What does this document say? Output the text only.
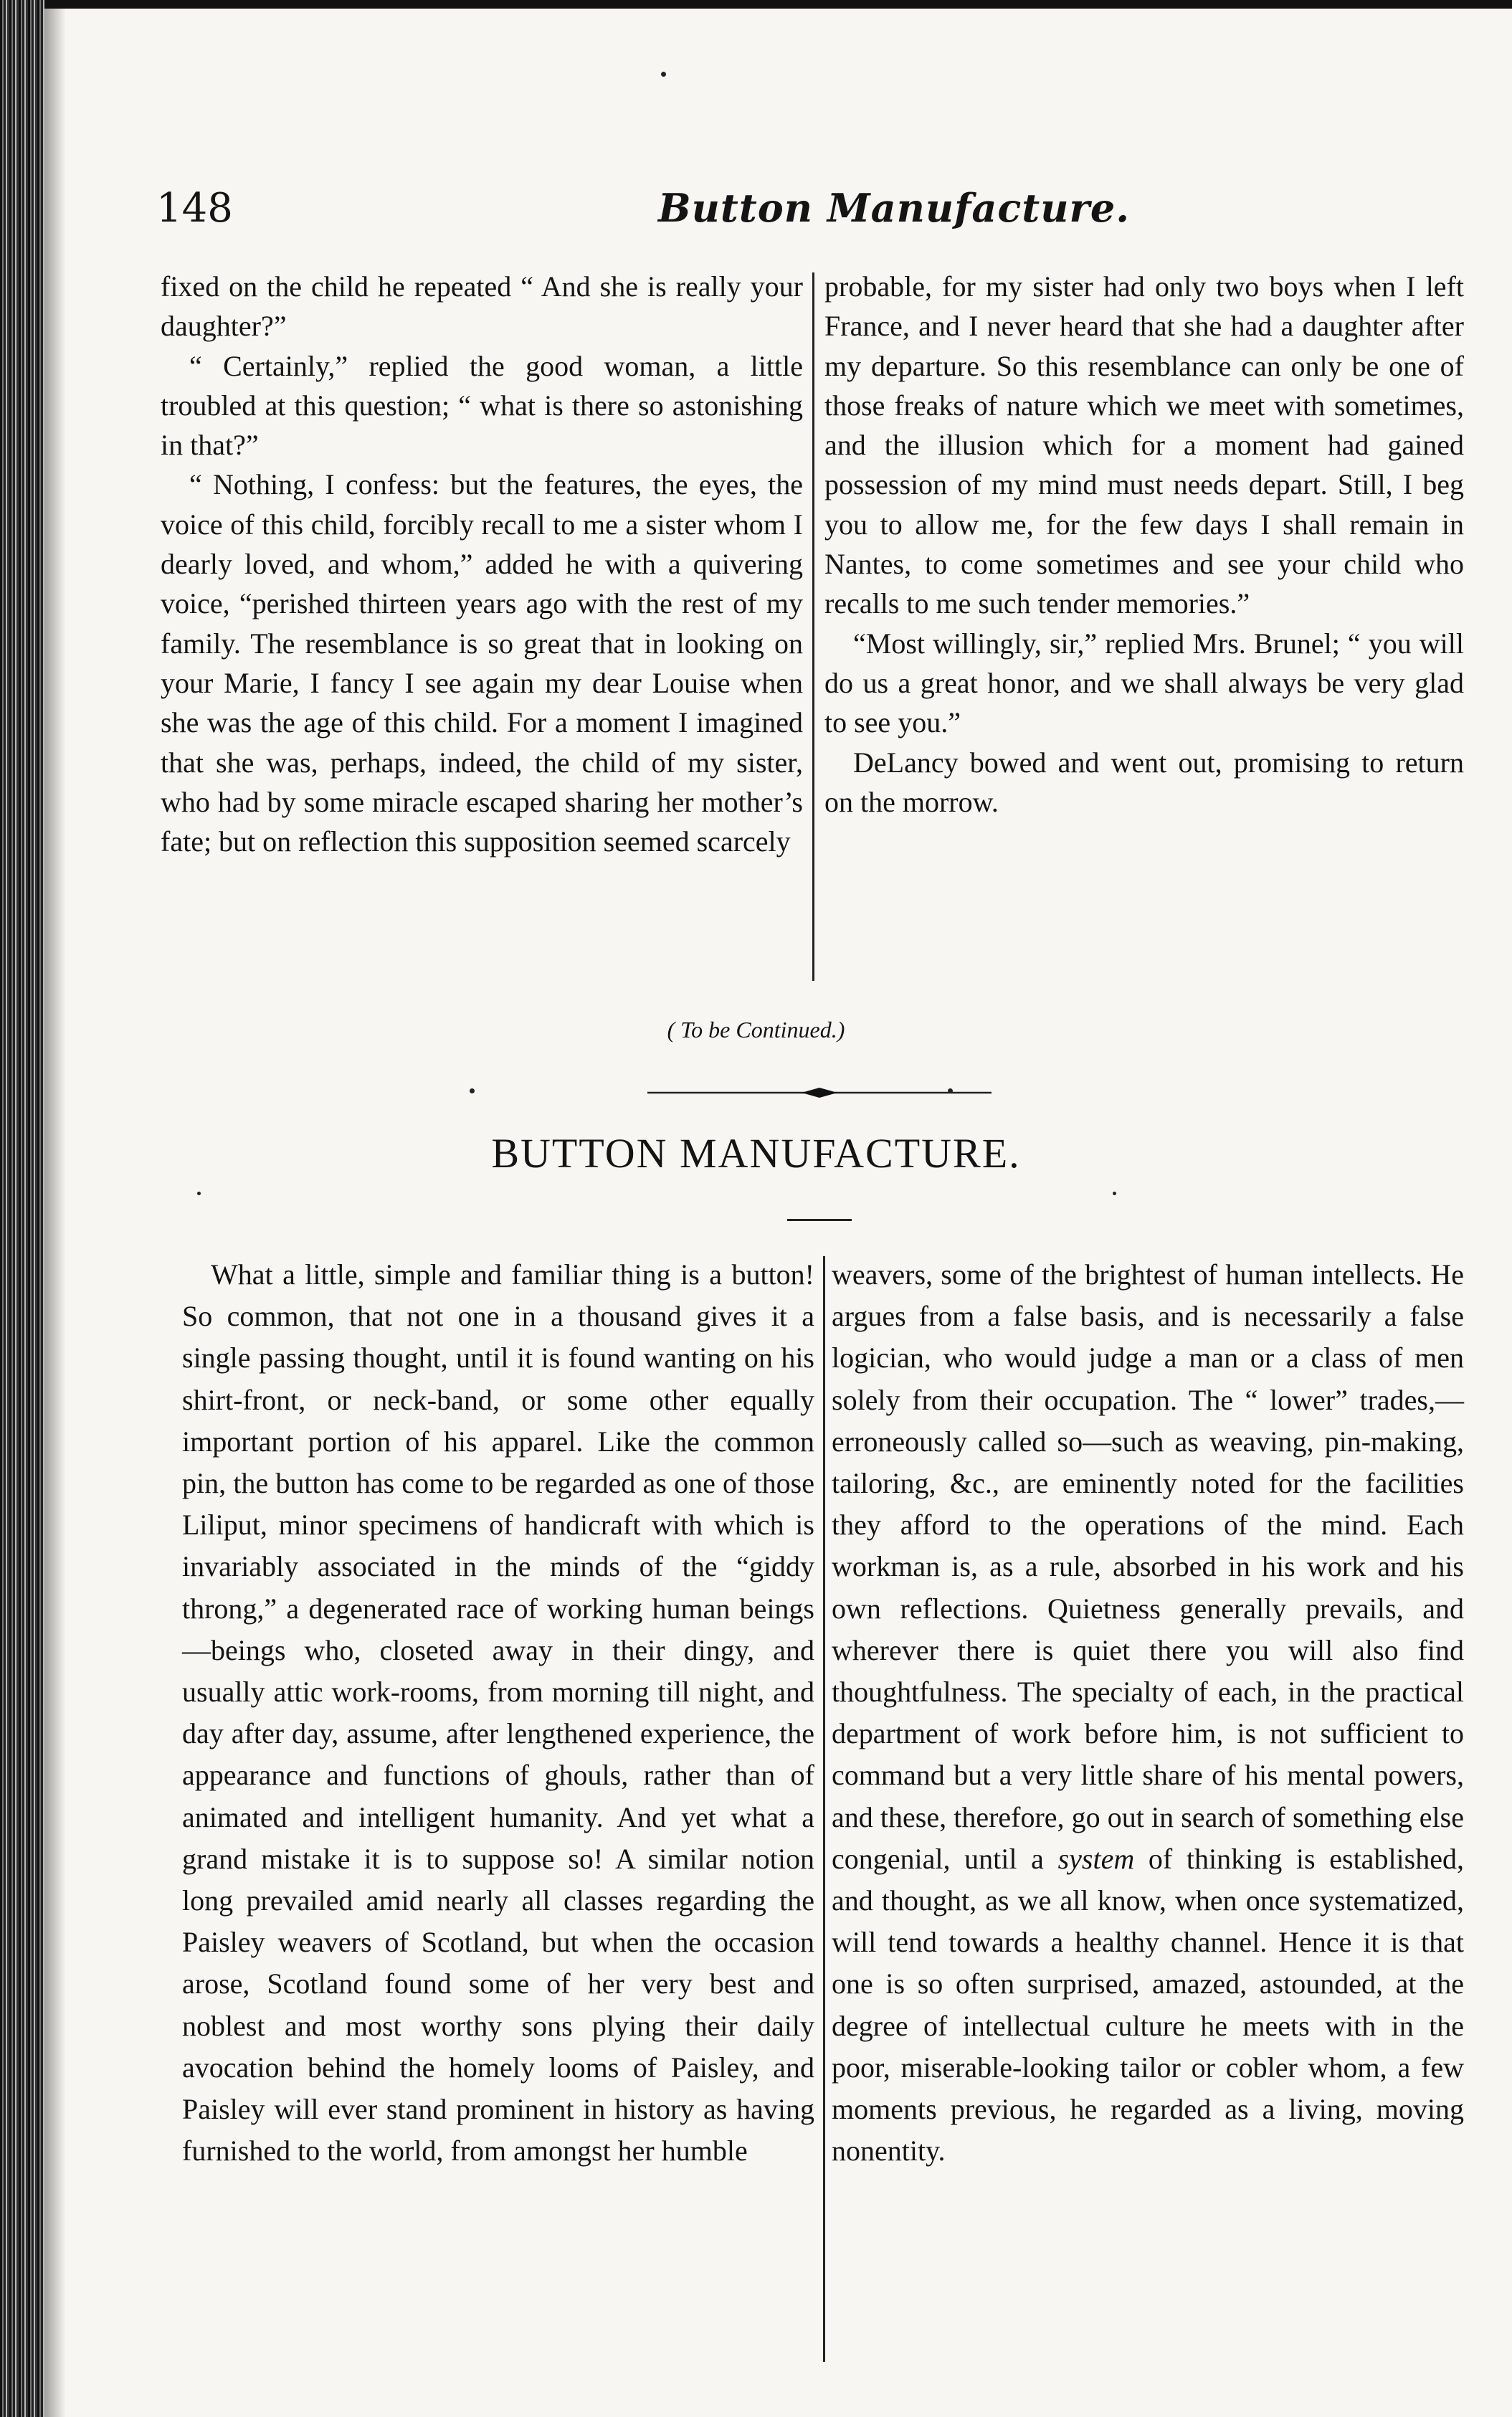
148	Button Manufacture.

fixed on the child he repeated “ And she is really your daughter?”

“ Certainly,” replied the good woman, a little troubled at this question; “ what is there so astonishing in that?”

“ Nothing, I confess: but the features, the eyes, the voice of this child, forcibly recall to me a sister whom I dearly loved, and whom,” added he with a quivering voice, “perished thirteen years ago with the rest of my family. The resemblance is so great that in looking on your Marie, I fancy I see again my dear Louise when she was the age of this child. For a moment I imagined that she was, perhaps, indeed, the child of my sister, who had by some miracle escaped sharing her mother’s fate; but on reflection this supposition seemed scarcely

probable, for my sister had only two boys when I left France, and I never heard that she had a daughter after my departure. So this resemblance can only be one of those freaks of nature which we meet with sometimes, and the illusion which for a moment had gained possession of my mind must needs depart. Still, I beg you to allow me, for the few days I shall remain in Nantes, to come sometimes and see your child who recalls to me such tender memories.”

“Most willingly, sir,” replied Mrs. Brunel; “ you will do us a great honor, and we shall always be very glad to see you.”

DeLancy bowed and went out, promising to return on the morrow.

( To be Continued.)
BUTTON MANUFACTURE.

What a little, simple and familiar thing is a button! So common, that not one in a thousand gives it a single passing thought, until it is found wanting on his shirt-front, or neck-band, or some other equally important portion of his apparel. Like the common pin, the button has come to be regarded as one of those Liliput, minor specimens of handicraft with which is invariably associated in the minds of the “giddy throng,” a degenerated race of working human beings—beings who, closeted away in their dingy, and usually attic work-rooms, from morning till night, and day after day, assume, after lengthened experience, the appearance and functions of ghouls, rather than of animated and intelligent humanity. And yet what a grand mistake it is to suppose so! A similar notion long prevailed amid nearly all classes regarding the Paisley weavers of Scotland, but when the occasion arose, Scotland found some of her very best and noblest and most worthy sons plying their daily avocation behind the homely looms of Paisley, and Paisley will ever stand prominent in history as having furnished to the world, from amongst her humble

weavers, some of the brightest of human intellects. He argues from a false basis, and is necessarily a false logician, who would judge a man or a class of men solely from their occupation. The “ lower” trades,—erroneously called so—such as weaving, pin-making, tailoring, &c., are eminently noted for the facilities they afford to the operations of the mind. Each workman is, as a rule, absorbed in his work and his own reflections. Quietness generally prevails, and wherever there is quiet there you will also find thoughtfulness. The specialty of each, in the practical department of work before him, is not sufficient to command but a very little share of his mental powers, and these, therefore, go out in search of something else congenial, until a system of thinking is established, and thought, as we all know, when once systematized, will tend towards a healthy channel. Hence it is that one is so often surprised, amazed, astounded, at the degree of intellectual culture he meets with in the poor, miserable-looking tailor or cobler whom, a few moments previous, he regarded as a living, moving nonentity.
